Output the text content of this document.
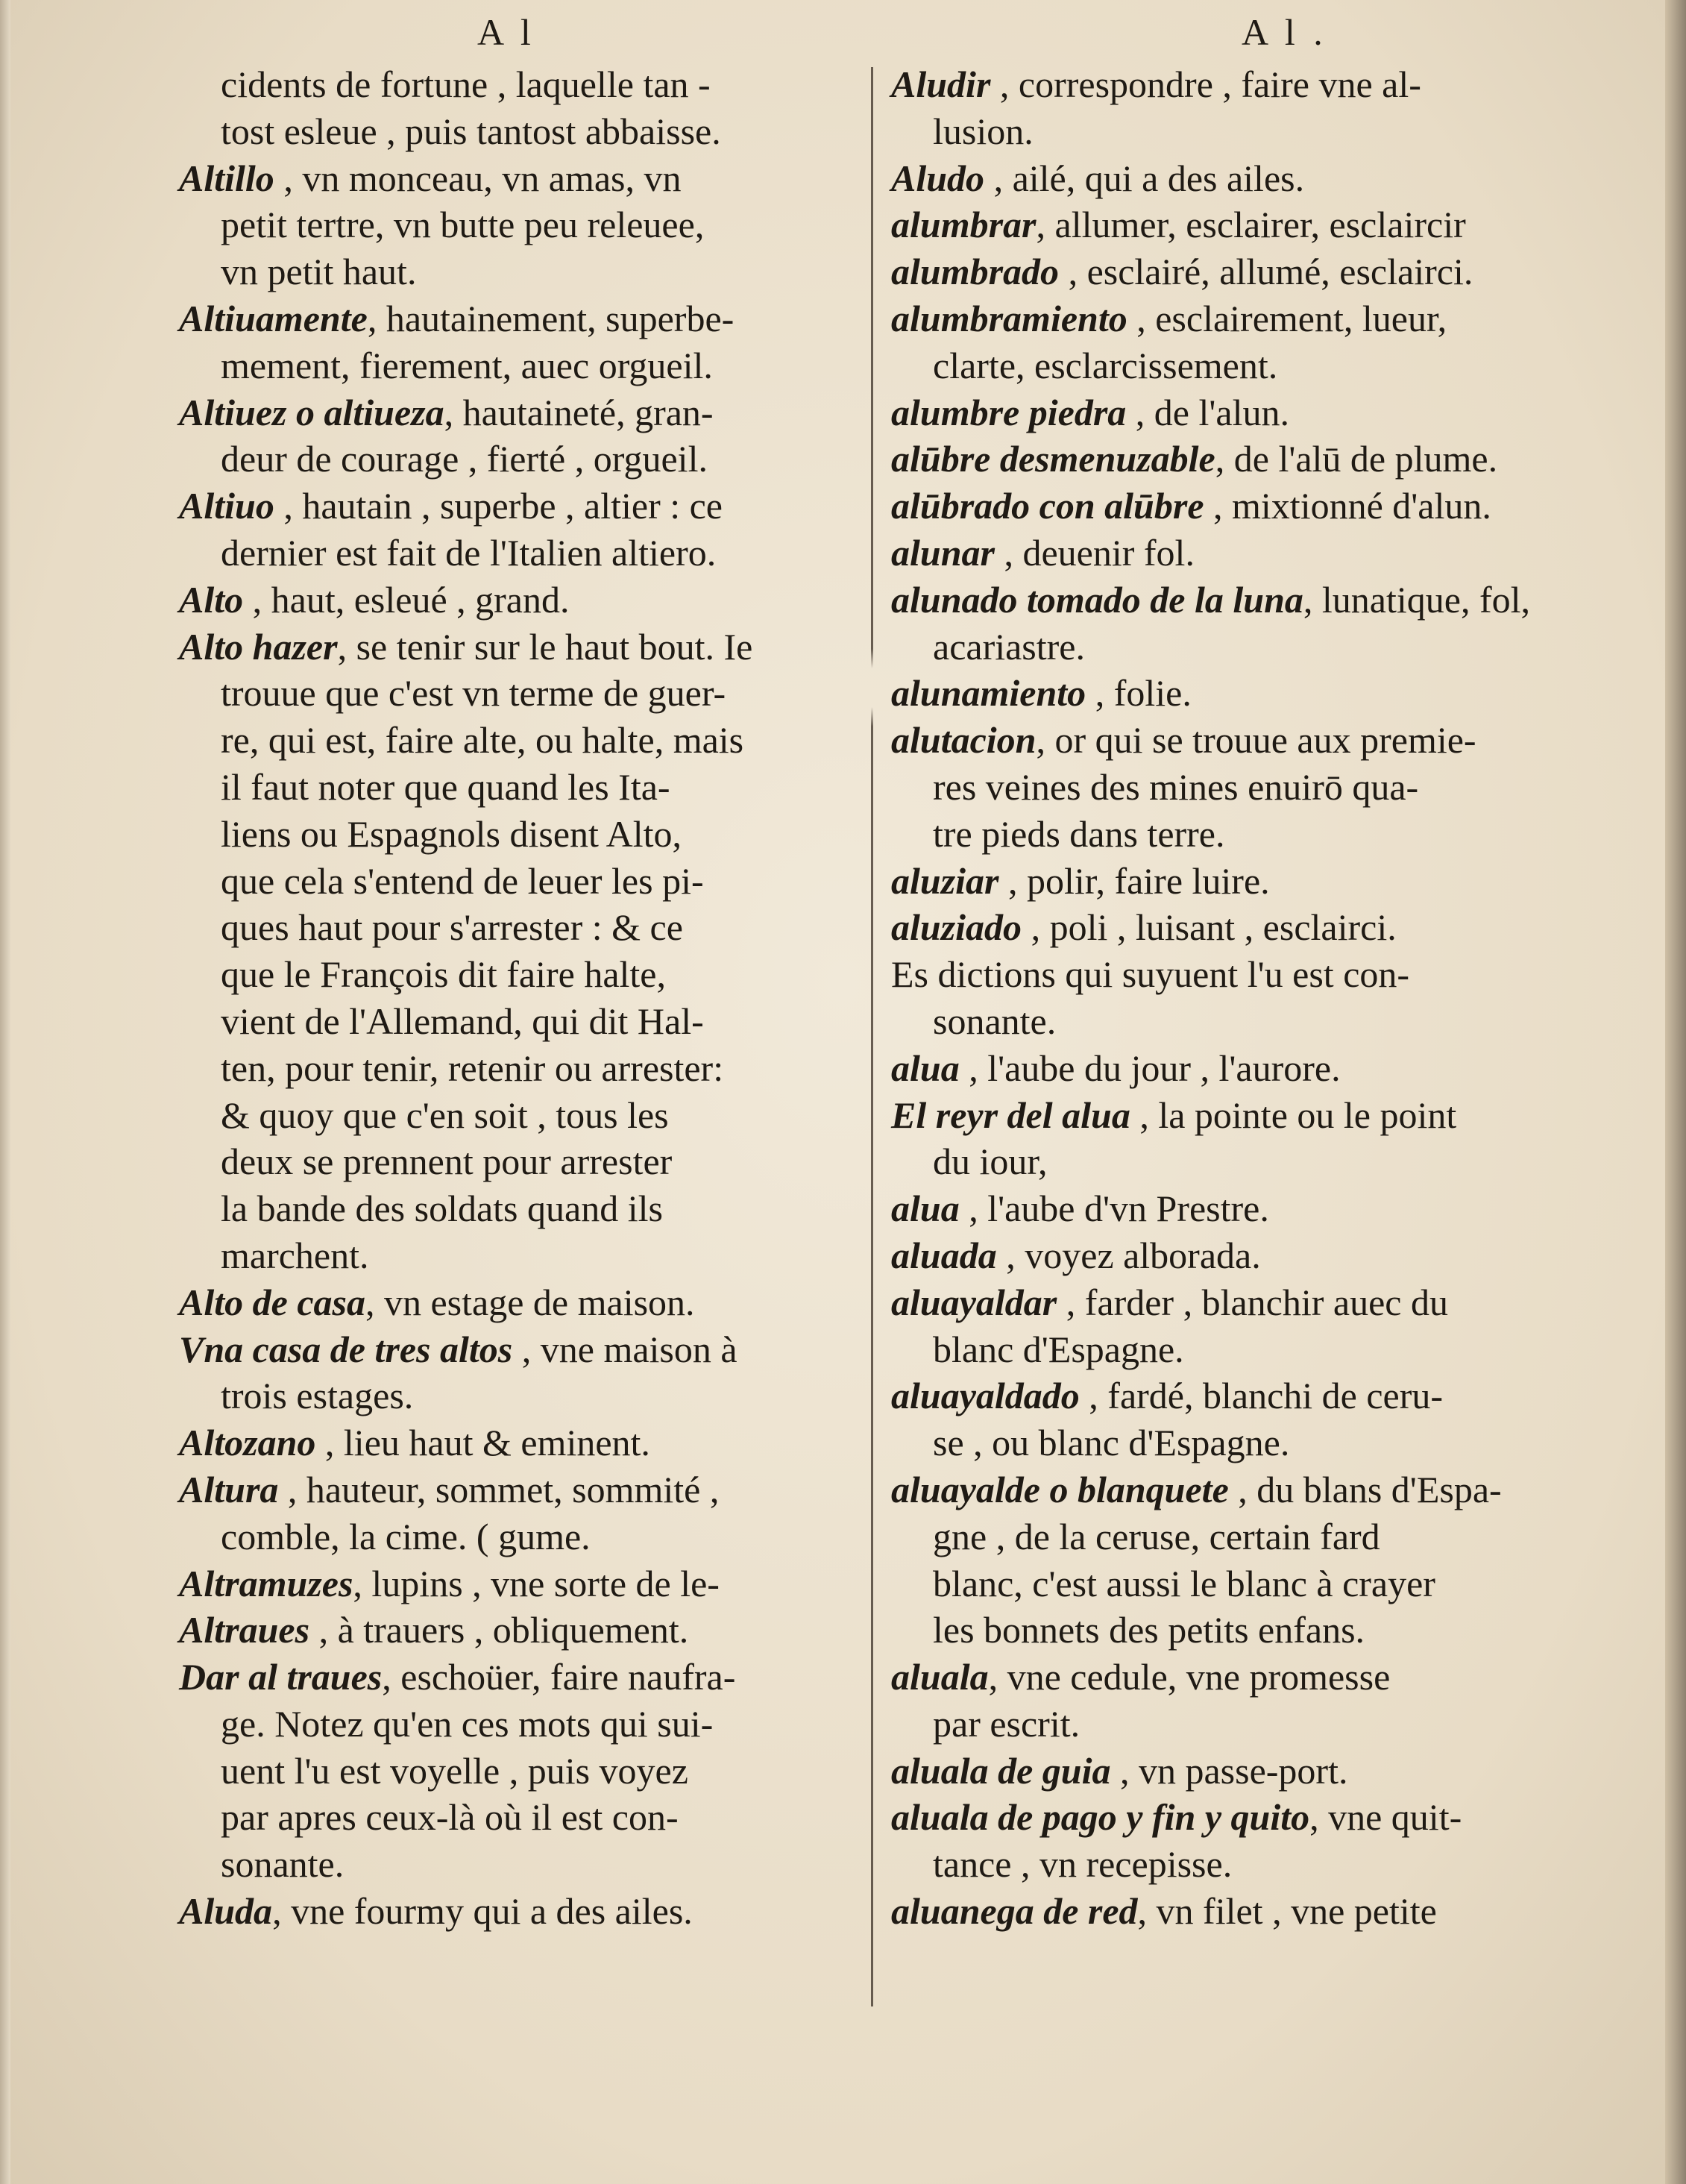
A l	A l .
cidents de fortune , laquelle tan -
tost esleue , puis tantost abbaisse.
Altillo , vn monceau, vn amas, vn
petit tertre, vn butte peu releuee,
vn petit haut.
Altiuamente, hautainement, superbe-
mement, fierement, auec orgueil.
Altiuez o altiueza, hautaineté, gran-
deur de courage , fierté , orgueil.
Altiuo , hautain , superbe , altier : ce
dernier est fait de l'Italien altiero.
Alto , haut, esleué , grand.
Alto hazer, se tenir sur le haut bout. Ie
trouue que c'est vn terme de guer-
re, qui est, faire alte, ou halte, mais
il faut noter que quand les Ita-
liens ou Espagnols disent Alto,
que cela s'entend de leuer les pi-
ques haut pour s'arrester : & ce
que le François dit faire halte,
vient de l'Allemand, qui dit Hal-
ten, pour tenir, retenir ou arrester:
& quoy que c'en soit , tous les
deux se prennent pour arrester
la bande des soldats quand ils
marchent.
Alto de casa, vn estage de maison.
Vna casa de tres altos , vne maison à
trois estages.
Altozano , lieu haut & eminent.
Altura , hauteur, sommet, sommité ,
comble, la cime. ( gume.
Altramuzes, lupins , vne sorte de le-
Altraues , à trauers , obliquement.
Dar al traues, eschoüer, faire naufra-
ge. Notez qu'en ces mots qui sui-
uent l'u est voyelle , puis voyez
par apres ceux-là où il est con-
sonante.
Aluda, vne fourmy qui a des ailes.
Aludir , correspondre , faire vne al-
lusion.
Aludo , ailé, qui a des ailes.
alumbrar, allumer, esclairer, esclaircir
alumbrado , esclairé, allumé, esclairci.
alumbramiento , esclairement, lueur,
clarte, esclarcissement.
alumbre piedra , de l'alun.
alūbre desmenuzable, de l'alū de plume.
alūbrado con alūbre , mixtionné d'alun.
alunar , deuenir fol.
alunado tomado de la luna, lunatique, fol,
acariastre.
alunamiento , folie.
alutacion, or qui se trouue aux premie-
res veines des mines enuirō qua-
tre pieds dans terre.
aluziar , polir, faire luire.
aluziado , poli , luisant , esclairci.
Es dictions qui suyuent l'u est con-
sonante.
alua , l'aube du jour , l'aurore.
El reyr del alua , la pointe ou le point
du iour,
alua , l'aube d'vn Prestre.
aluada , voyez alborada.
aluayaldar , farder , blanchir auec du
blanc d'Espagne.
aluayaldado , fardé, blanchi de ceru-
se , ou blanc d'Espagne.
aluayalde o blanquete , du blans d'Espa-
gne , de la ceruse, certain fard
blanc, c'est aussi le blanc à crayer
les bonnets des petits enfans.
aluala, vne cedule, vne promesse
par escrit.
aluala de guia , vn passe-port.
aluala de pago y fin y quito, vne quit-
tance , vn recepisse.
aluanega de red, vn filet , vne petite
